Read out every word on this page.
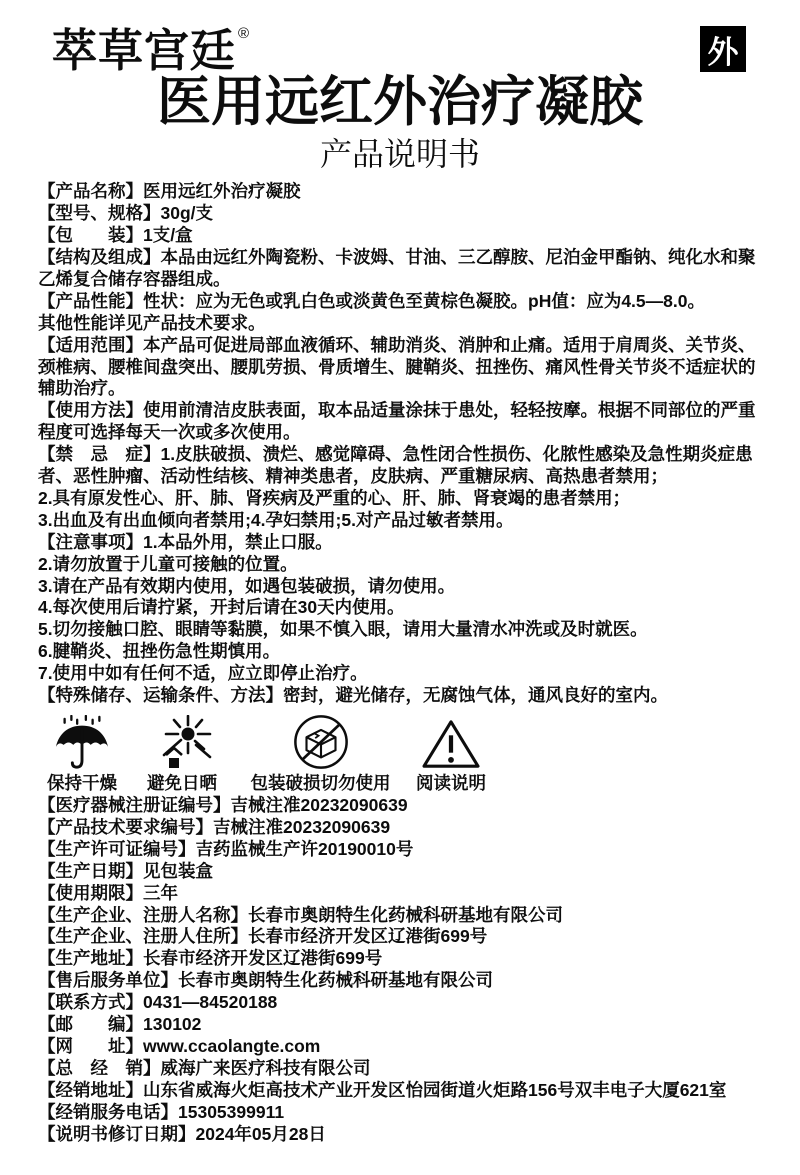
萃草宫廷 ®
外
医用远红外治疗凝胶
产品说明书

【产品名称】医用远红外治疗凝胶

【型号、规格】30g/支

【包　　装】1支/盒

【结构及组成】本品由远红外陶瓷粉、卡波姆、甘油、三乙醇胺、尼泊金甲酯钠、纯化水和聚乙烯复合储存容器组成。

【产品性能】性状：应为无色或乳白色或淡黄色至黄棕色凝胶。pH值：应为4.5—8.0。

其他性能详见产品技术要求。

【适用范围】本产品可促进局部血液循环、辅助消炎、消肿和止痛。适用于肩周炎、关节炎、颈椎病、腰椎间盘突出、腰肌劳损、骨质增生、腱鞘炎、扭挫伤、痛风性骨关节炎不适症状的辅助治疗。

【使用方法】使用前清洁皮肤表面，取本品适量涂抹于患处，轻轻按摩。根据不同部位的严重程度可选择每天一次或多次使用。

【禁　忌　症】1.皮肤破损、溃烂、感觉障碍、急性闭合性损伤、化脓性感染及急性期炎症患者、恶性肿瘤、活动性结核、精神类患者，皮肤病、严重糖尿病、高热患者禁用；

2.具有原发性心、肝、肺、肾疾病及严重的心、肝、肺、肾衰竭的患者禁用；

3.出血及有出血倾向者禁用;4.孕妇禁用;5.对产品过敏者禁用。

【注意事项】1.本品外用，禁止口服。

2.请勿放置于儿童可接触的位置。

3.请在产品有效期内使用，如遇包装破损，请勿使用。

4.每次使用后请拧紧，开封后请在30天内使用。

5.切勿接触口腔、眼睛等黏膜，如果不慎入眼，请用大量清水冲洗或及时就医。

6.腱鞘炎、扭挫伤急性期慎用。

7.使用中如有任何不适，应立即停止治疗。

【特殊储存、运输条件、方法】密封，避光储存，无腐蚀气体，通风良好的室内。

保持干燥 避免日晒 包装破损切勿使用 阅读说明

【医疗器械注册证编号】吉械注准20232090639

【产品技术要求编号】吉械注准20232090639

【生产许可证编号】吉药监械生产许20190010号

【生产日期】见包装盒

【使用期限】三年

【生产企业、注册人名称】长春市奥朗特生化药械科研基地有限公司

【生产企业、注册人住所】长春市经济开发区辽港街699号

【生产地址】长春市经济开发区辽港街699号

【售后服务单位】长春市奥朗特生化药械科研基地有限公司

【联系方式】0431—84520188

【邮　　编】130102

【网　　址】www.ccaolangte.com

【总　经　销】威海广来医疗科技有限公司

【经销地址】山东省威海火炬高技术产业开发区怡园街道火炬路156号双丰电子大厦621室

【经销服务电话】15305399911

【说明书修订日期】2024年05月28日
